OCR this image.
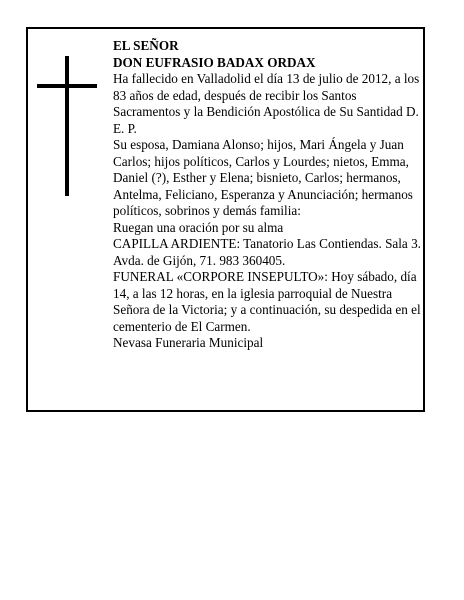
EL SEÑOR

DON EUFRASIO BADAX ORDAX

Ha fallecido en Valladolid el día 13 de julio de 2012, a los 83 años de edad, después de recibir los Santos Sacramentos y la Bendición Apostólica de Su Santidad D. E. P.

Su esposa, Damiana Alonso; hijos, Mari Ángela y Juan Carlos; hijos políticos, Carlos y Lourdes; nietos, Emma, Daniel (?), Esther y Elena; bisnieto, Carlos; hermanos, Antelma, Feliciano, Esperanza y Anunciación; hermanos políticos, sobrinos y demás familia:

Ruegan una oración por su alma

CAPILLA ARDIENTE: Tanatorio Las Contiendas. Sala 3. Avda. de Gijón, 71. 983 360405.

FUNERAL «CORPORE INSEPULTO»: Hoy sábado, día 14, a las 12 horas, en la iglesia parroquial de Nuestra Señora de la Victoria; y a continuación, su despedida en el cementerio de El Carmen.

Nevasa Funeraria Municipal
